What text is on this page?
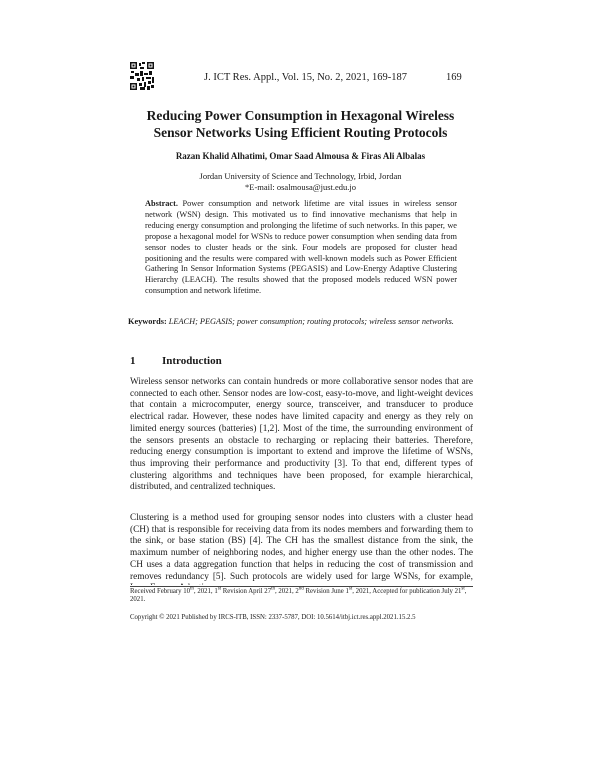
J. ICT Res. Appl., Vol. 15, No. 2, 2021, 169-187	169
Reducing Power Consumption in Hexagonal Wireless
Sensor Networks Using Efficient Routing Protocols
Razan Khalid Alhatimi, Omar Saad Almousa & Firas Ali Albalas
Jordan University of Science and Technology, Irbid, Jordan
*E-mail: osalmousa@just.edu.jo
Abstract. Power consumption and network lifetime are vital issues in wireless sensor network (WSN) design. This motivated us to find innovative mechanisms that help in reducing energy consumption and prolonging the lifetime of such networks. In this paper, we propose a hexagonal model for WSNs to reduce power consumption when sending data from sensor nodes to cluster heads or the sink. Four models are proposed for cluster head positioning and the results were compared with well-known models such as Power Efficient Gathering In Sensor Information Systems (PEGASIS) and Low-Energy Adaptive Clustering Hierarchy (LEACH). The results showed that the proposed models reduced WSN power consumption and network lifetime.
Keywords: LEACH; PEGASIS; power consumption; routing protocols; wireless sensor networks.
1 Introduction
Wireless sensor networks can contain hundreds or more collaborative sensor nodes that are connected to each other. Sensor nodes are low-cost, easy-to-move, and light-weight devices that contain a microcomputer, energy source, transceiver, and transducer to produce electrical radar. However, these nodes have limited capacity and energy as they rely on limited energy sources (batteries) [1,2]. Most of the time, the surrounding environment of the sensors presents an obstacle to recharging or replacing their batteries. Therefore, reducing energy consumption is important to extend and improve the lifetime of WSNs, thus improving their performance and productivity [3]. To that end, different types of clustering algorithms and techniques have been proposed, for example hierarchical, distributed, and centralized techniques.
Clustering is a method used for grouping sensor nodes into clusters with a cluster head (CH) that is responsible for receiving data from its nodes members and forwarding them to the sink, or base station (BS) [4]. The CH has the smallest distance from the sink, the maximum number of neighboring nodes, and higher energy use than the other nodes. The CH uses a data aggregation function that helps in reducing the cost of transmission and removes redundancy [5]. Such protocols are widely used for large WSNs, for example,
Received February 10th, 2021, 1st Revision April 27th, 2021, 2nd Revision June 1st, 2021, Accepted for publication July 21st, 2021.
Copyright © 2021 Published by IRCS-ITB, ISSN: 2337-5787, DOI: 10.5614/itbj.ict.res.appl.2021.15.2.5
